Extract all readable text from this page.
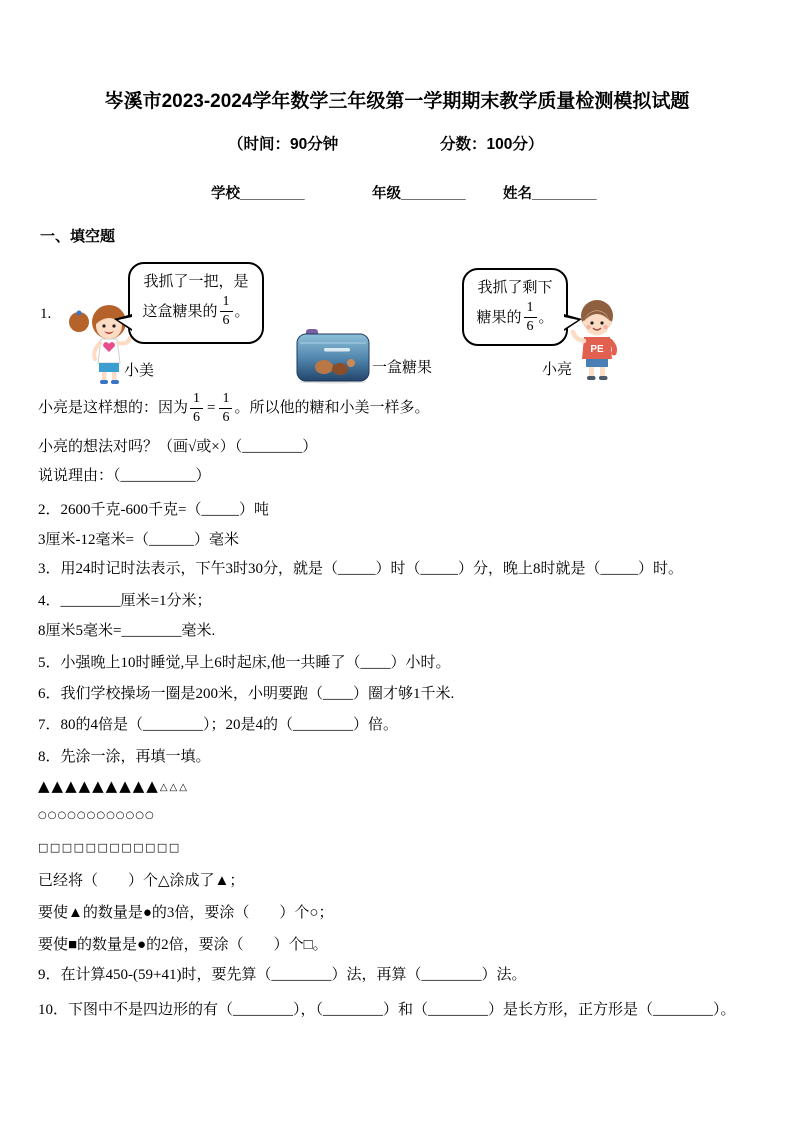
岑溪市2023-2024学年数学三年级第一学期期末教学质量检测模拟试题
（时间：90分钟	分数：100分）
学校________	年级________	姓名________
一、填空题
1.
小美
我抓了一把，是
这盒糖果的 $\frac{1}{6}$ 。
一盒糖果
我抓了剩下
糖果的 $\frac{1}{6}$ 。
PE
小亮
小亮是这样想的：因为 $\frac{1}{6} = \frac{1}{6}$ 。所以他的糖和小美一样多。
小亮的想法对吗？（画√或×）（________）
说说理由：（__________）
2．2600千克-600千克=（_____）吨
3厘米-12毫米=（______）毫米
3．用24时记时法表示，下午3时30分，就是（_____）时（_____）分，晚上8时就是（_____）时。
4．________厘米=1分米；
8厘米5毫米=________毫米.
5．小强晚上10时睡觉,早上6时起床,他一共睡了（____）小时。
6．我们学校操场一圈是200米，小明要跑（____）圈才够1千米.
7．80的4倍是（________）；20是4的（________）倍。
8．先涂一涂，再填一填。
▲▲▲▲▲▲▲▲▲△△△
○○○○○○○○○○○○
□□□□□□□□□□□□
已经将（　　）个△涂成了▲；
要使▲的数量是●的3倍，要涂（　　）个○；
要使■的数量是●的2倍，要涂（　　）个□。
9．在计算450-(59+41)时，要先算（________）法，再算（________）法。
10．下图中不是四边形的有（________），（________）和（________）是长方形，正方形是（________）。
